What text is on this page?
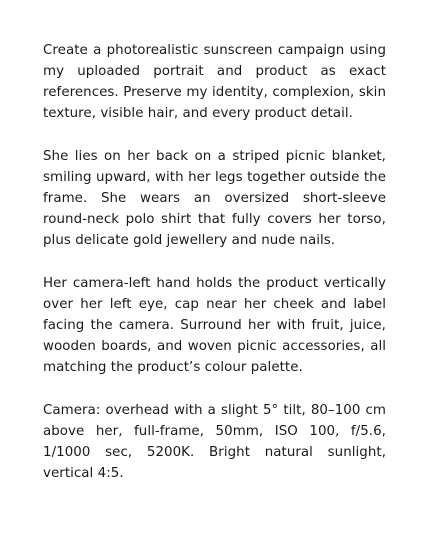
Create a photorealistic sunscreen campaign using my uploaded portrait and product as exact references. Preserve my identity, complexion, skin texture, visible hair, and every product detail.

She lies on her back on a striped picnic blanket, smiling upward, with her legs together outside the frame. She wears an oversized short-sleeve round-neck polo shirt that fully covers her torso, plus delicate gold jewellery and nude nails.

Her camera-left hand holds the product vertically over her left eye, cap near her cheek and label facing the camera. Surround her with fruit, juice, wooden boards, and woven picnic accessories, all matching the product’s colour palette.

Camera: overhead with a slight 5° tilt, 80–100 cm above her, full-frame, 50mm, ISO 100, f/5.6, 1/1000 sec, 5200K. Bright natural sunlight, vertical 4:5.
